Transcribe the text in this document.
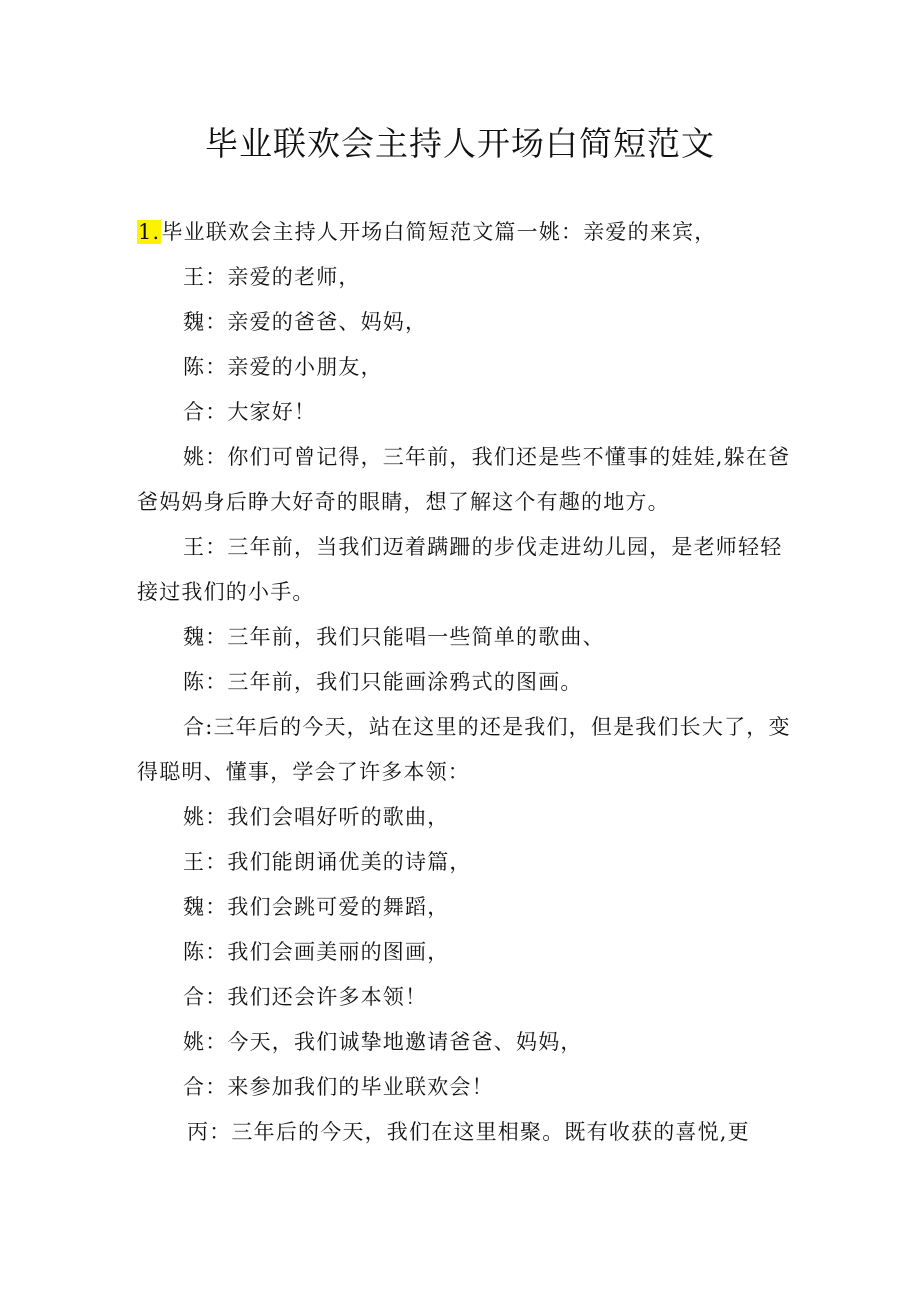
毕业联欢会主持人开场白简短范文

1.毕业联欢会主持人开场白简短范文篇一姚：亲爱的来宾，

王：亲爱的老师，

魏：亲爱的爸爸、妈妈，

陈：亲爱的小朋友，

合：大家好！

姚：你们可曾记得，三年前，我们还是些不懂事的娃娃,躲在爸爸妈妈身后睁大好奇的眼睛，想了解这个有趣的地方。

王：三年前，当我们迈着蹒跚的步伐走进幼儿园，是老师轻轻接过我们的小手。

魏：三年前，我们只能唱一些简单的歌曲、

陈：三年前，我们只能画涂鸦式的图画。

合:三年后的今天，站在这里的还是我们，但是我们长大了，变得聪明、懂事，学会了许多本领：

姚：我们会唱好听的歌曲，

王：我们能朗诵优美的诗篇，

魏：我们会跳可爱的舞蹈，

陈：我们会画美丽的图画，

合：我们还会许多本领！

姚：今天，我们诚挚地邀请爸爸、妈妈，

合：来参加我们的毕业联欢会！

丙：三年后的今天，我们在这里相聚。既有收获的喜悦,更
